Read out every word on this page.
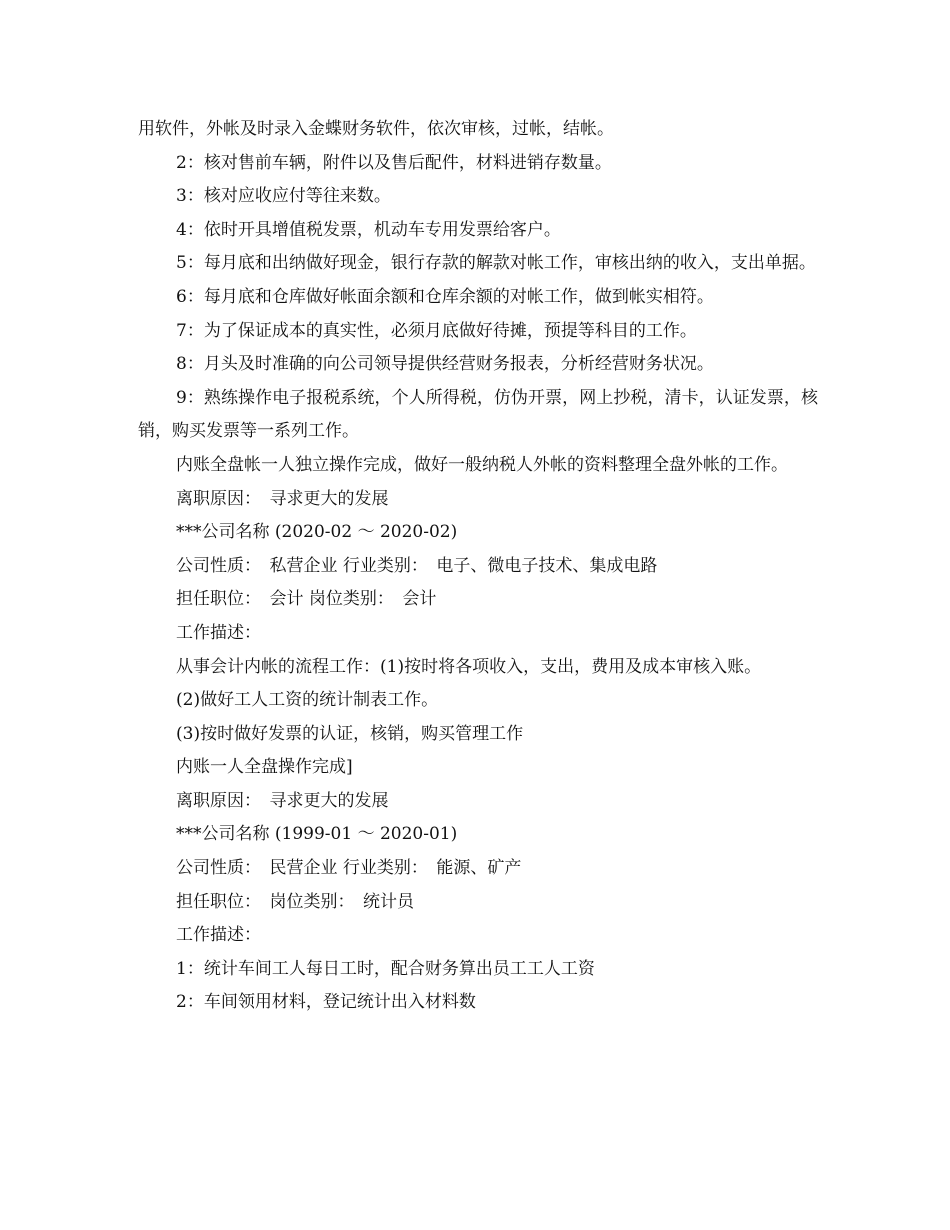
用软件，外帐及时录入金蝶财务软件，依次审核，过帐，结帐。

2：核对售前车辆，附件以及售后配件，材料进销存数量。

3：核对应收应付等往来数。

4：依时开具增值税发票，机动车专用发票给客户。

5：每月底和出纳做好现金，银行存款的解款对帐工作，审核出纳的收入，支出单据。

6：每月底和仓库做好帐面余额和仓库余额的对帐工作，做到帐实相符。

7：为了保证成本的真实性，必须月底做好待摊，预提等科目的工作。

8：月头及时准确的向公司领导提供经营财务报表，分析经营财务状况。

9：熟练操作电子报税系统，个人所得税，仿伪开票，网上抄税，清卡，认证发票，核销，购买发票等一系列工作。

内账全盘帐一人独立操作完成，做好一般纳税人外帐的资料整理全盘外帐的工作。

离职原因：　寻求更大的发展

***公司名称 (2020-02 ～ 2020-02)

公司性质：　私营企业 行业类别：　电子、微电子技术、集成电路

担任职位：　会计 岗位类别：　会计

工作描述：

从事会计内帐的流程工作：(1)按时将各项收入，支出，费用及成本审核入账。

(2)做好工人工资的统计制表工作。

(3)按时做好发票的认证，核销，购买管理工作

内账一人全盘操作完成]

离职原因：　寻求更大的发展

***公司名称 (1999-01 ～ 2020-01)

公司性质：　民营企业 行业类别：　能源、矿产

担任职位：　岗位类别：　统计员

工作描述：

1：统计车间工人每日工时，配合财务算出员工工人工资

2：车间领用材料，登记统计出入材料数
